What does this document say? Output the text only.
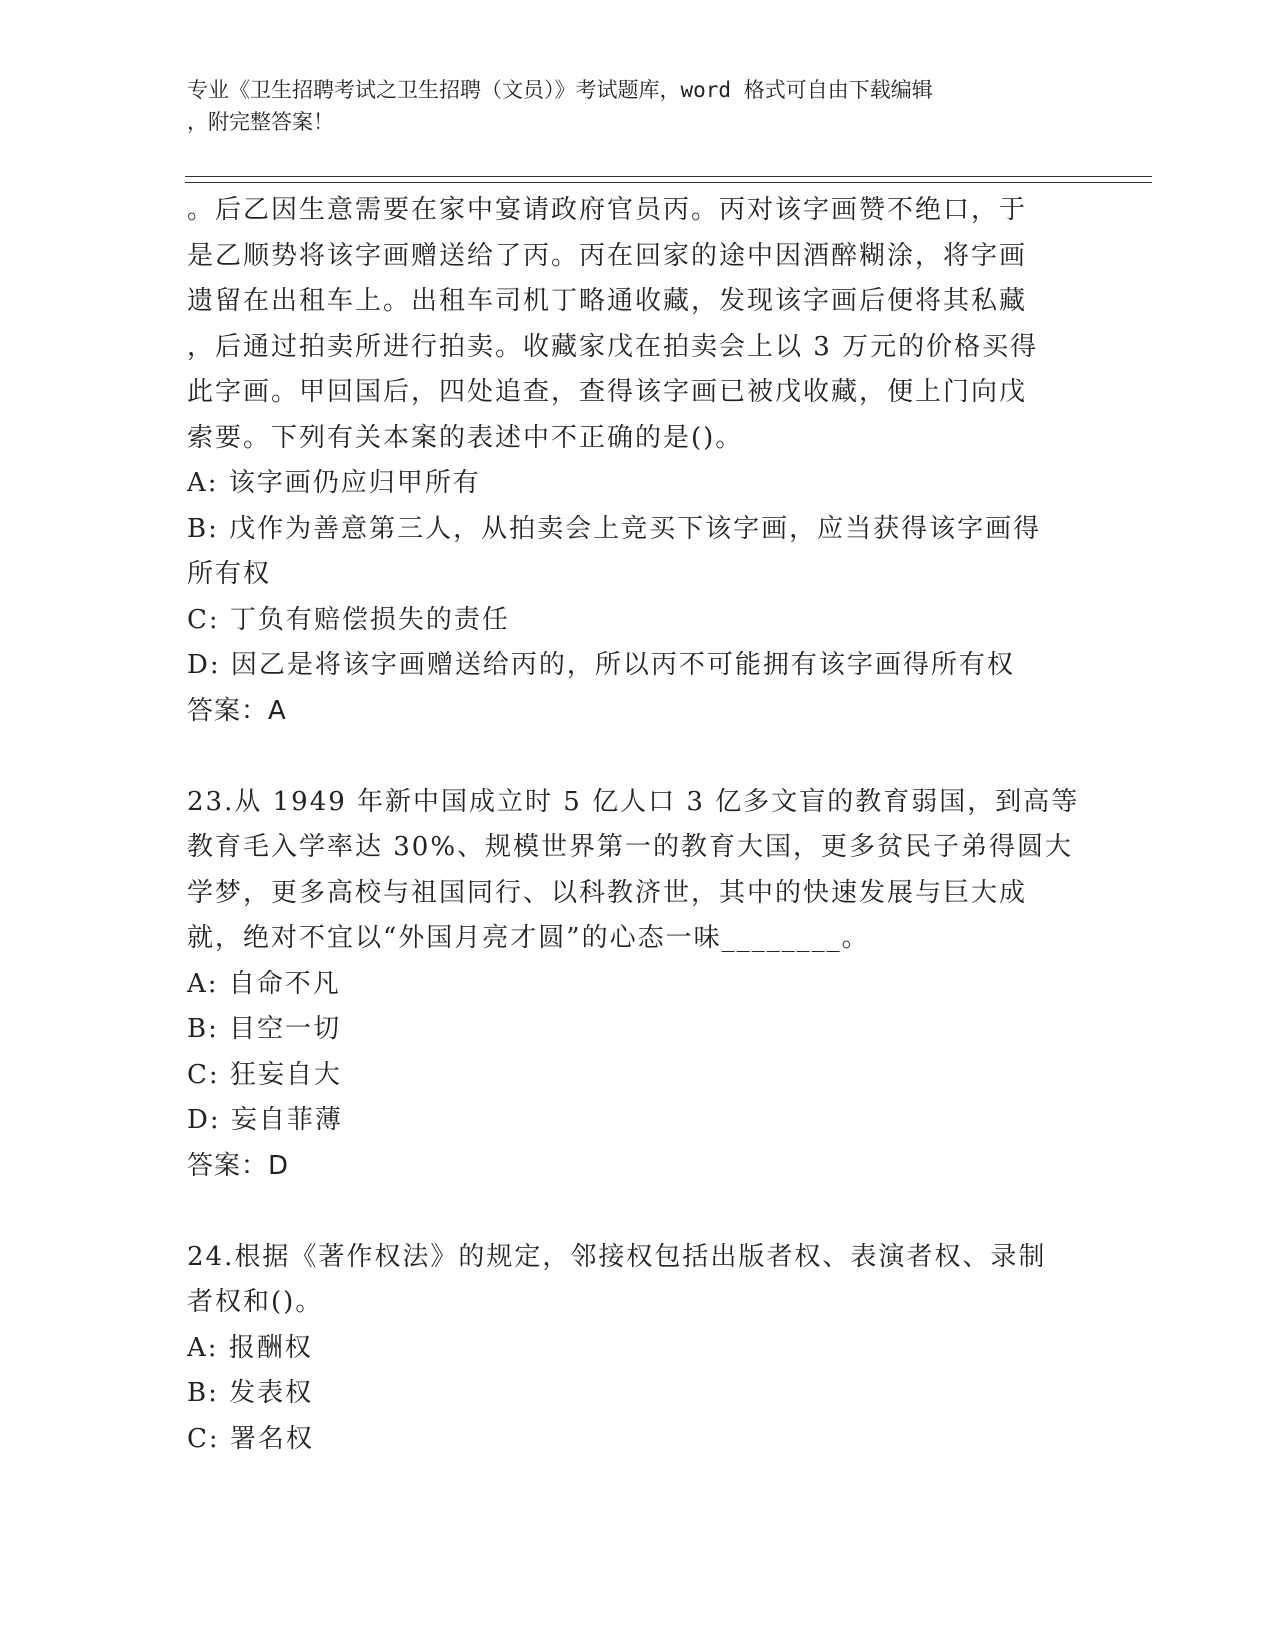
专业《卫生招聘考试之卫生招聘（文员）》考试题库，word 格式可自由下载编辑
，附完整答案！
。后乙因生意需要在家中宴请政府官员丙。丙对该字画赞不绝口，于
是乙顺势将该字画赠送给了丙。丙在回家的途中因酒醉糊涂，将字画
遗留在出租车上。出租车司机丁略通收藏，发现该字画后便将其私藏
，后通过拍卖所进行拍卖。收藏家戊在拍卖会上以 3 万元的价格买得
此字画。甲回国后，四处追查，查得该字画已被戊收藏，便上门向戊
索要。下列有关本案的表述中不正确的是()。
A: 该字画仍应归甲所有
B: 戊作为善意第三人，从拍卖会上竞买下该字画，应当获得该字画得
所有权
C: 丁负有赔偿损失的责任
D: 因乙是将该字画赠送给丙的，所以丙不可能拥有该字画得所有权
答案：A
23.从 1949 年新中国成立时 5 亿人口 3 亿多文盲的教育弱国，到高等
教育毛入学率达 30%、规模世界第一的教育大国，更多贫民子弟得圆大
学梦，更多高校与祖国同行、以科教济世，其中的快速发展与巨大成
就，绝对不宜以“外国月亮才圆”的心态一味________。
A: 自命不凡
B: 目空一切
C: 狂妄自大
D: 妄自菲薄
答案：D
24.根据《著作权法》的规定，邻接权包括出版者权、表演者权、录制
者权和()。
A: 报酬权
B: 发表权
C: 署名权
